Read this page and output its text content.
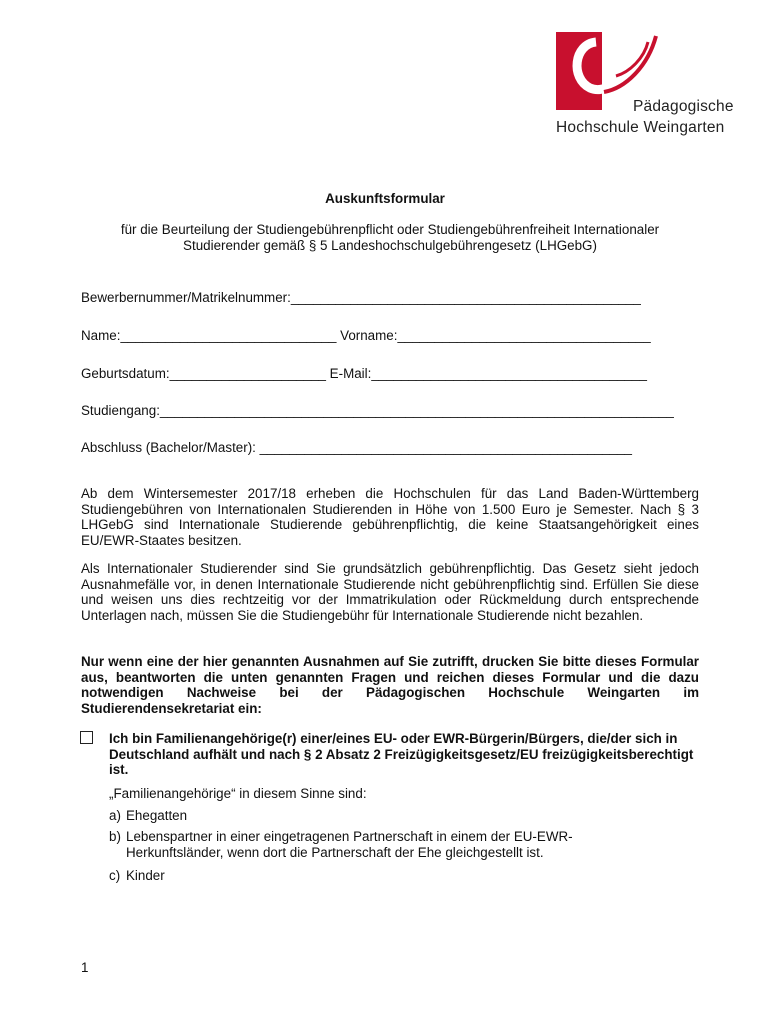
Pädagogische
Hochschule Weingarten
Auskunftsformular
für die Beurteilung der Studiengebührenpflicht oder Studiengebührenfreiheit Internationaler Studierender gemäß § 5 Landeshochschulgebührengesetz (LHGebG)
Bewerbernummer/Matrikelnummer:_______________________________________________
Name:_____________________________ Vorname:__________________________________
Geburtsdatum:_____________________ E-Mail:_____________________________________
Studiengang:_____________________________________________________________________
Abschluss (Bachelor/Master): __________________________________________________
Ab dem Wintersemester 2017/18 erheben die Hochschulen für das Land Baden-Württemberg Studiengebühren von Internationalen Studierenden in Höhe von 1.500 Euro je Semester. Nach § 3 LHGebG sind Internationale Studierende gebührenpflichtig, die keine Staatsangehörigkeit eines EU/EWR-Staates besitzen.
Als Internationaler Studierender sind Sie grundsätzlich gebührenpflichtig. Das Gesetz sieht jedoch Ausnahmefälle vor, in denen Internationale Studierende nicht gebührenpflichtig sind. Erfüllen Sie diese und weisen uns dies rechtzeitig vor der Immatrikulation oder Rückmeldung durch entsprechende Unterlagen nach, müssen Sie die Studiengebühr für Internationale Studierende nicht bezahlen.
Nur wenn eine der hier genannten Ausnahmen auf Sie zutrifft, drucken Sie bitte dieses Formular aus, beantworten die unten genannten Fragen und reichen dieses Formular und die dazu notwendigen Nachweise bei der Pädagogischen Hochschule Weingarten im Studierendensekretariat ein:
Ich bin Familienangehörige(r) einer/eines EU- oder EWR-Bürgerin/Bürgers, die/der sich in Deutschland aufhält und nach § 2 Absatz 2 Freizügigkeitsgesetz/EU freizügigkeitsberechtigt ist.
„Familienangehörige“ in diesem Sinne sind:
a) Ehegatten
b) Lebenspartner in einer eingetragenen Partnerschaft in einem der EU-EWR-Herkunftsländer, wenn dort die Partnerschaft der Ehe gleichgestellt ist.
c) Kinder
1
